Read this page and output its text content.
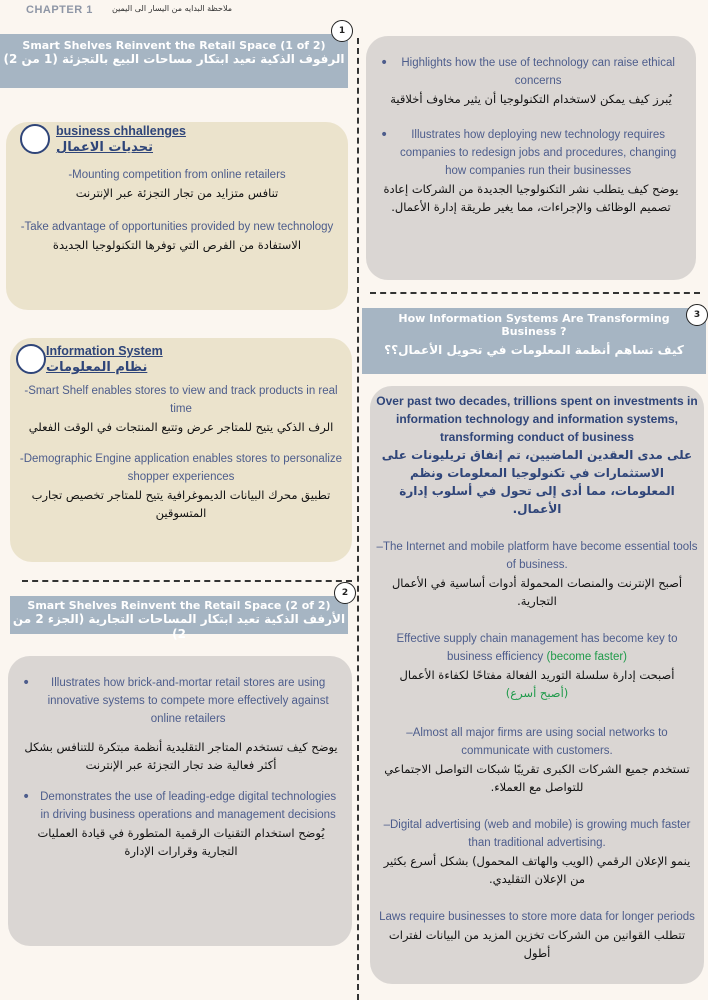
CHAPTER 1 ملاحظة البدايه من اليسار الى اليمين
Smart Shelves Reinvent the Retail Space (1 of 2)
الرفوف الذكية تعيد ابتكار مساحات البيع بالتجزئة (1 من 2)
1
business chhallenges
تحديات الاعمال
-Mounting competition from online retailers
تنافس متزايد من تجار التجزئة عبر الإنترنت
-Take advantage of opportunities provided by new technology
الاستفادة من الفرص التي توفرها التكنولوجيا الجديدة
Information System
نظام المعلومات
-Smart Shelf enables stores to view and track products in real time
الرف الذكي يتيح للمتاجر عرض وتتبع المنتجات في الوقت الفعلي
-Demographic Engine application enables stores to personalize shopper experiences
تطبيق محرك البيانات الديموغرافية يتيح للمتاجر تخصيص تجارب المتسوقين
Smart Shelves Reinvent the Retail Space (2 of 2)
الأرفف الذكية تعيد ابتكار المساحات التجارية (الجزء 2 من 2)
2
•	Illustrates how brick-and-mortar retail stores are using innovative systems to compete more effectively against online retailers
يوضح كيف تستخدم المتاجر التقليدية أنظمة مبتكرة للتنافس بشكل أكثر فعالية ضد تجار التجزئة عبر الإنترنت
• Demonstrates the use of leading-edge digital technologies in driving business operations and management decisions
يُوضح استخدام التقنيات الرقمية المتطورة في قيادة العمليات التجارية وقرارات الإدارة
•	Highlights how the use of technology can raise ethical concerns
يُبرز كيف يمكن لاستخدام التكنولوجيا أن يثير مخاوف أخلاقية
•	Illustrates how deploying new technology requires companies to redesign jobs and procedures, changing how companies run their businesses
يوضح كيف يتطلب نشر التكنولوجيا الجديدة من الشركات إعادة تصميم الوظائف والإجراءات، مما يغير طريقة إدارة الأعمال.
How Information Systems Are Transforming Business ?
كيف تساهم أنظمة المعلومات في تحويل الأعمال؟؟
3
Over past two decades, trillions spent on investments in information technology and information systems, transforming conduct of business
على مدى العقدين الماضيين، تم إنفاق تريليونات على الاستثمارات في تكنولوجيا المعلومات ونظم المعلومات، مما أدى إلى تحول في أسلوب إدارة الأعمال.
–The Internet and mobile platform have become essential tools of business.
أصبح الإنترنت والمنصات المحمولة أدوات أساسية في الأعمال التجارية.
Effective supply chain management has become key to business efficiency (become faster)
أصبحت إدارة سلسلة التوريد الفعالة مفتاحًا لكفاءة الأعمال
(أصبح أسرع)
–Almost all major firms are using social networks to communicate with customers.
تستخدم جميع الشركات الكبرى تقريبًا شبكات التواصل الاجتماعي للتواصل مع العملاء.
–Digital advertising (web and mobile) is growing much faster than traditional advertising.
ينمو الإعلان الرقمي (الويب والهاتف المحمول) بشكل أسرع بكثير من الإعلان التقليدي.
Laws require businesses to store more data for longer periods
تتطلب القوانين من الشركات تخزين المزيد من البيانات لفترات أطول
